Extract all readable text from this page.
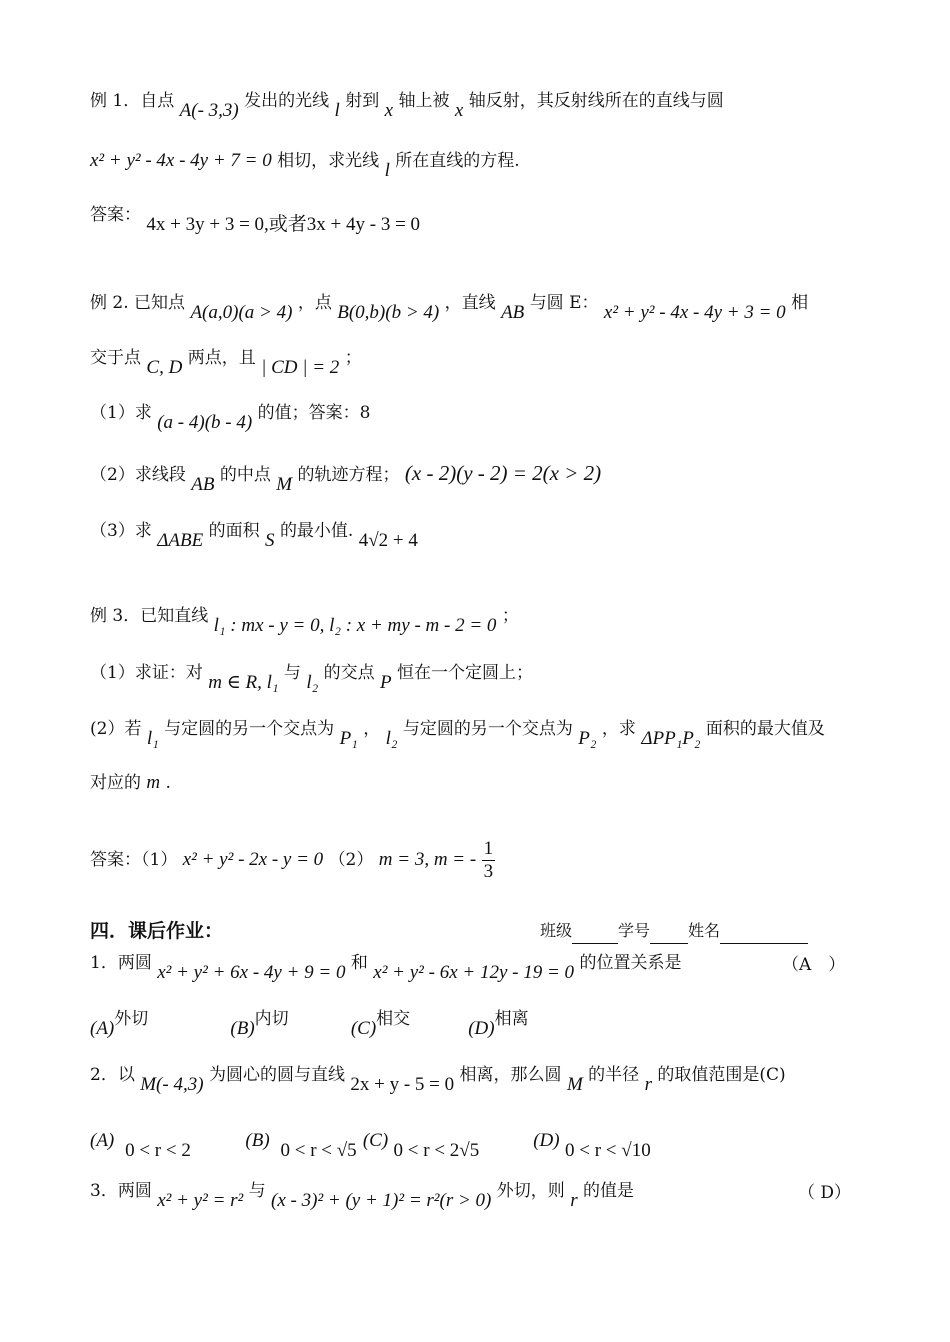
例 1．自点 A(- 3,3) 发出的光线 l 射到 x 轴上被 x 轴反射，其反射线所在的直线与圆
x² + y² - 4x - 4y + 7 = 0 相切，求光线 l 所在直线的方程.
答案： 4x + 3y + 3 = 0,或者3x + 4y - 3 = 0
例 2. 已知点 A(a,0)(a > 4) ，点 B(0,b)(b > 4) ，直线 AB 与圆 E： x² + y² - 4x - 4y + 3 = 0 相
交于点 C, D 两点，且 | CD | = 2 ；
（1）求 (a - 4)(b - 4) 的值；答案：8
（2）求线段 AB 的中点 M 的轨迹方程； (x - 2)(y - 2) = 2(x > 2)
（3）求 ΔABE 的面积 S 的最小值. 4√2 + 4
例 3．已知直线 l₁ : mx - y = 0, l₂ : x + my - m - 2 = 0 ；
（1）求证：对 m ∈ R, l₁ 与 l₂ 的交点 P 恒在一个定圆上；
(2）若 l₁ 与定圆的另一个交点为 P₁ ， l₂ 与定圆的另一个交点为 P₂ ，求 ΔPP₁P₂ 面积的最大值及
对应的 m .
答案：（1） x² + y² - 2x - y = 0 （2） m = 3, m = - $\frac{1}{3}$
四．课后作业：	班级	学号 姓名
1．两圆 x² + y² + 6x - 4y + 9 = 0 和 x² + y² - 6x + 12y - 19 = 0 的位置关系是	（A　）
(A)外切	(B)内切	(C)相交	(D)相离
2．以 M(- 4,3) 为圆心的圆与直线 2x + y - 5 = 0 相离，那么圆 M 的半径 r 的取值范围是(C)
(A) 0 < r < 2	(B) 0 < r < √5 (C) 0 < r < 2√5	(D) 0 < r < √10
3．两圆 x² + y² = r² 与 (x - 3)² + (y + 1)² = r²(r > 0) 外切，则 r 的值是	（ D）
